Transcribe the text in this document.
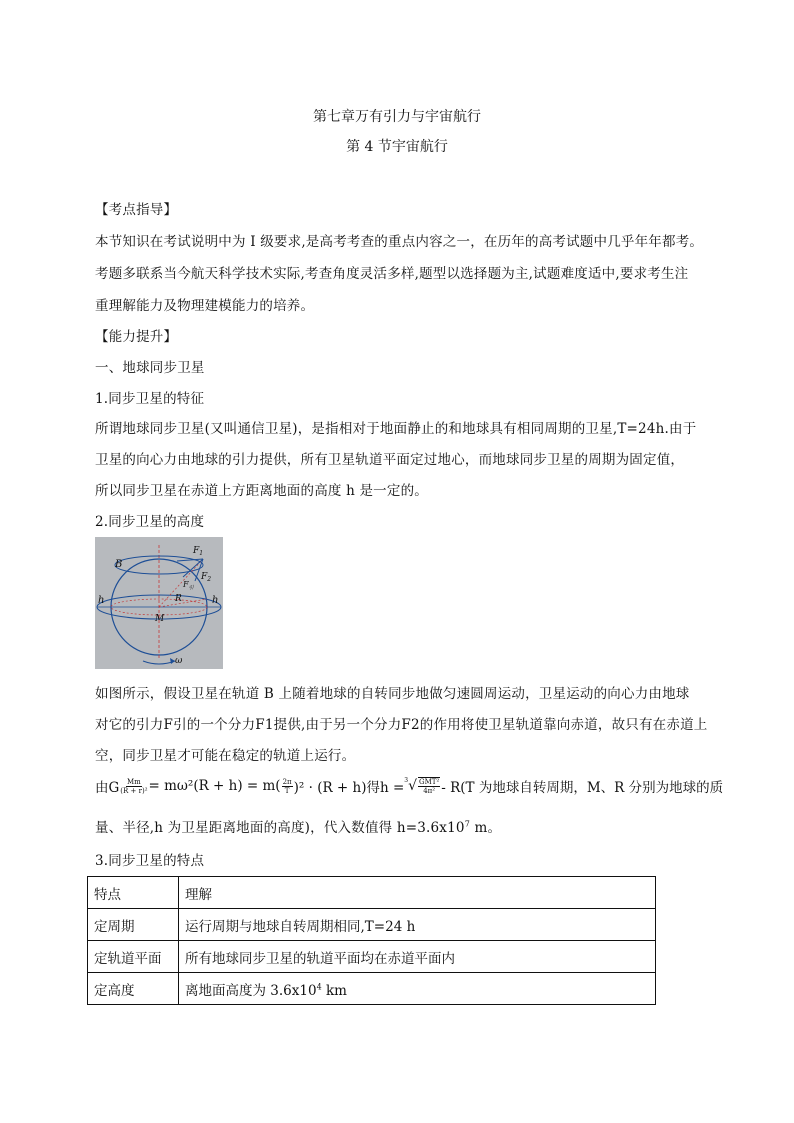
第七章万有引力与宇宙航行
第 4 节宇宙航行
【考点指导】
本节知识在考试说明中为 I 级要求,是高考考查的重点内容之一，在历年的高考试题中几乎年年都考。
考题多联系当今航天科学技术实际,考查角度灵活多样,题型以选择题为主,试题难度适中,要求考生注
重理解能力及物理建模能力的培养。
【能力提升】
一、地球同步卫星
1.同步卫星的特征
所谓地球同步卫星(又叫通信卫星)，是指相对于地面静止的和地球具有相同周期的卫星,T=24h.由于
卫星的向心力由地球的引力提供，所有卫星轨道平面定过地心，而地球同步卫星的周期为固定值，
所以同步卫星在赤道上方距离地面的高度 h 是一定的。
2.同步卫星的高度
B
$F_1$
$F_2$
$F_引$
R
h	h
M
ω
如图所示，假设卫星在轨道 B 上随着地球的自转同步地做匀速圆周运动，卫星运动的向心力由地球
对它的引力F引的一个分力F1提供,由于另一个分力F2的作用将使卫星轨道靠向赤道，故只有在赤道上
空，同步卫星才可能在稳定的轨道上运行。
由G $\frac{Mm}{\text{(R + r)²}} = m\omega^2(R + h) = m( \frac{2\pi}{T} )^2 \cdot (R + h)$得h = 3 √ $\frac{\text{GMT²}}{\text{4π²}} - R(T$ 为地球自转周期，M、R 分别为地球的质
量、半径,h 为卫星距离地面的高度)，代入数值得 $h=3.6x10^7$ m。
3.同步卫星的特点
特点	理解
定周期	运行周期与地球自转周期相同,T=24 h
定轨道平面	所有地球同步卫星的轨道平面均在赤道平面内
定高度	离地面高度为 $3.6x10^4$ km
